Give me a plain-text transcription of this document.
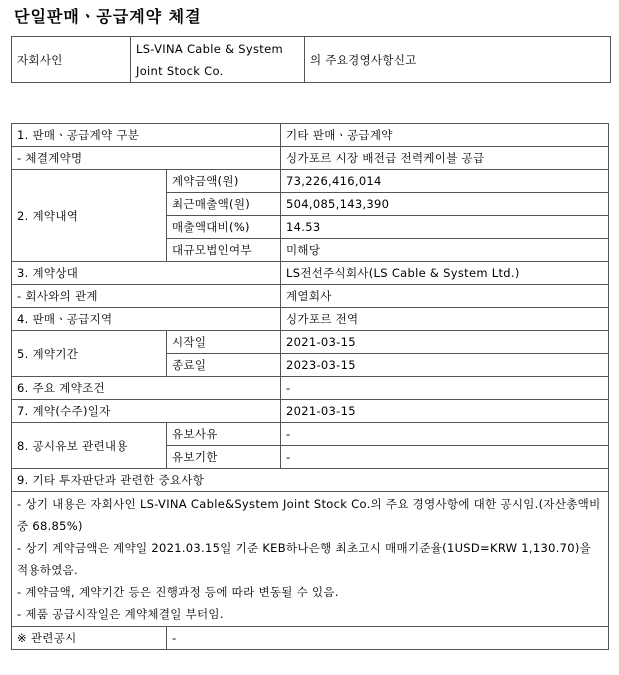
단일판매ㆍ공급계약 체결
자회사인	LS-VINA Cable & System Joint Stock Co.	의 주요경영사항신고
1. 판매ㆍ공급계약 구분		기타 판매ㆍ공급계약
- 체결계약명		싱가포르 시장 배전급 전력케이블 공급
2. 계약내역	계약금액(원)	73,226,416,014
	최근매출액(원)	504,085,143,390
	매출액대비(%)	14.53
	대규모법인여부	미해당
3. 계약상대		LS전선주식회사(LS Cable & System Ltd.)
- 회사와의 관계		계열회사
4. 판매ㆍ공급지역		싱가포르 전역
5. 계약기간	시작일	2021-03-15
	종료일	2023-03-15
6. 주요 계약조건		-
7. 계약(수주)일자		2021-03-15
8. 공시유보 관련내용	유보사유	-
	유보기한	-
9. 기타 투자판단과 관련한 중요사항		
- 상기 내용은 자회사인 LS-VINA Cable&System Joint Stock Co.의 주요 경영사항에 대한 공시임.(자산총액비중 68.85%)
- 상기 계약금액은 계약일 2021.03.15일 기준 KEB하나은행 최초고시 매매기준율(1USD=KRW 1,130.70)을 적용하였음.
- 계약금액, 계약기간 등은 진행과정 등에 따라 변동될 수 있음.
- 제품 공급시작일은 계약체결일 부터임.		
※ 관련공시	-	
